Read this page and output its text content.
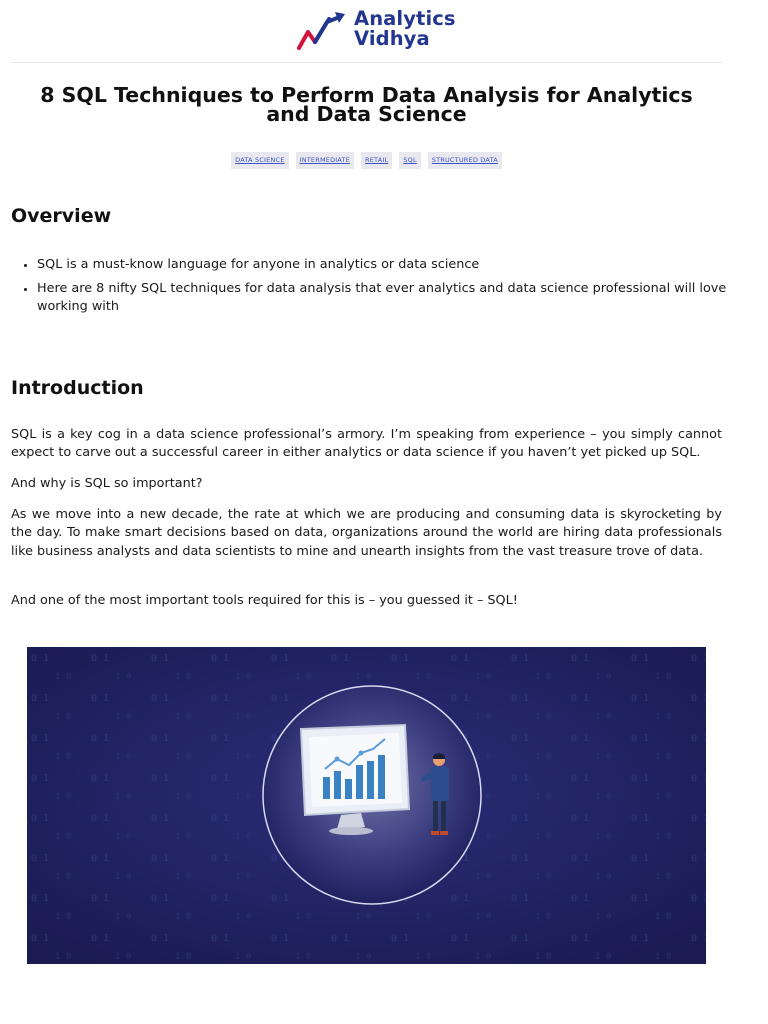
Analytics
Vidhya
8 SQL Techniques to Perform Data Analysis for Analytics and Data Science
DATA SCIENCE INTERMEDIATE RETAIL SQL STRUCTURED DATA
Overview
• SQL is a must-know language for anyone in analytics or data science
• Here are 8 nifty SQL techniques for data analysis that ever analytics and data science professional will love working with
Introduction

SQL is a key cog in a data science professional’s armory. I’m speaking from experience – you simply cannot expect to carve out a successful career in either analytics or data science if you haven’t yet picked up SQL.

And why is SQL so important?

As we move into a new decade, the rate at which we are producing and consuming data is skyrocketing by the day. To make smart decisions based on data, organizations around the world are hiring data professionals like business analysts and data scientists to mine and unearth insights from the vast treasure trove of data.

And one of the most important tools required for this is – you guessed it – SQL!
